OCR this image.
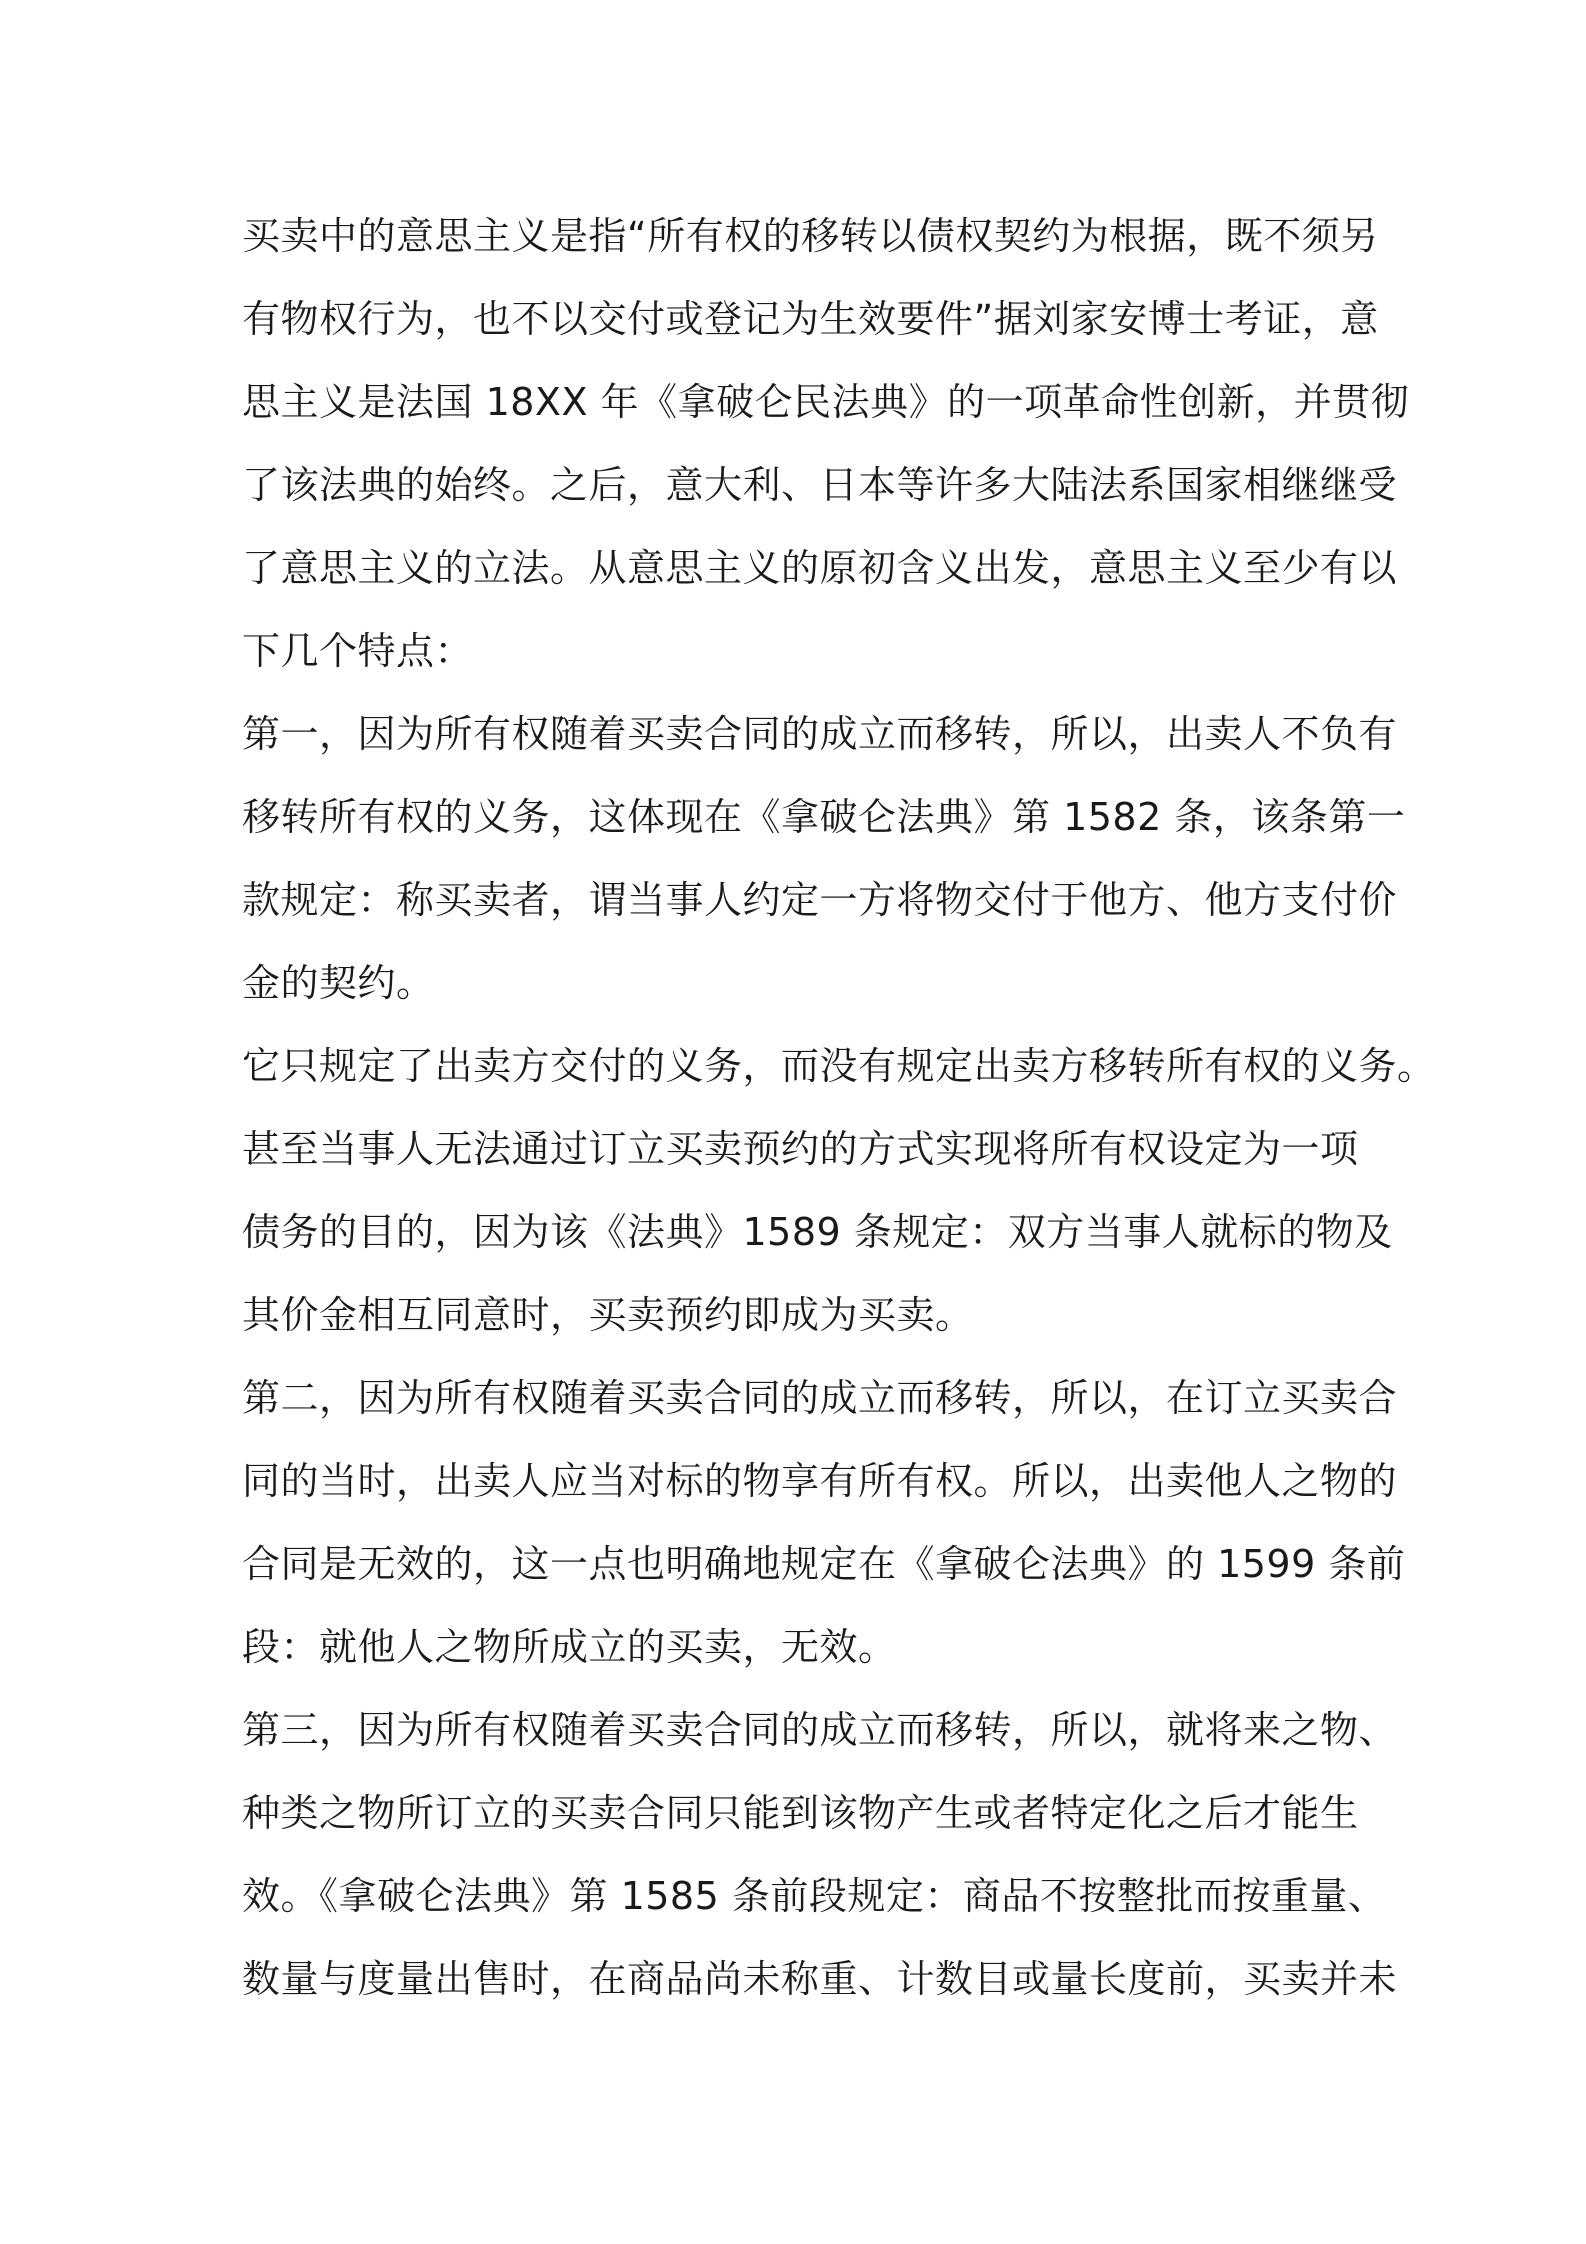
买卖中的意思主义是指“所有权的移转以债权契约为根据，既不须另
有物权行为，也不以交付或登记为生效要件”据刘家安博士考证，意
思主义是法国 18XX 年《拿破仑民法典》的一项革命性创新，并贯彻
了该法典的始终。之后，意大利、日本等许多大陆法系国家相继继受
了意思主义的立法。从意思主义的原初含义出发，意思主义至少有以
下几个特点：
第一，因为所有权随着买卖合同的成立而移转，所以，出卖人不负有
移转所有权的义务，这体现在《拿破仑法典》第 1582 条，该条第一
款规定：称买卖者，谓当事人约定一方将物交付于他方、他方支付价
金的契约。
它只规定了出卖方交付的义务，而没有规定出卖方移转所有权的义务。
甚至当事人无法通过订立买卖预约的方式实现将所有权设定为一项
债务的目的，因为该《法典》1589 条规定：双方当事人就标的物及
其价金相互同意时，买卖预约即成为买卖。
第二，因为所有权随着买卖合同的成立而移转，所以，在订立买卖合
同的当时，出卖人应当对标的物享有所有权。所以，出卖他人之物的
合同是无效的，这一点也明确地规定在《拿破仑法典》的 1599 条前
段：就他人之物所成立的买卖，无效。
第三，因为所有权随着买卖合同的成立而移转，所以，就将来之物、
种类之物所订立的买卖合同只能到该物产生或者特定化之后才能生
效。《拿破仑法典》第 1585 条前段规定：商品不按整批而按重量、
数量与度量出售时，在商品尚未称重、计数目或量长度前，买卖并未
